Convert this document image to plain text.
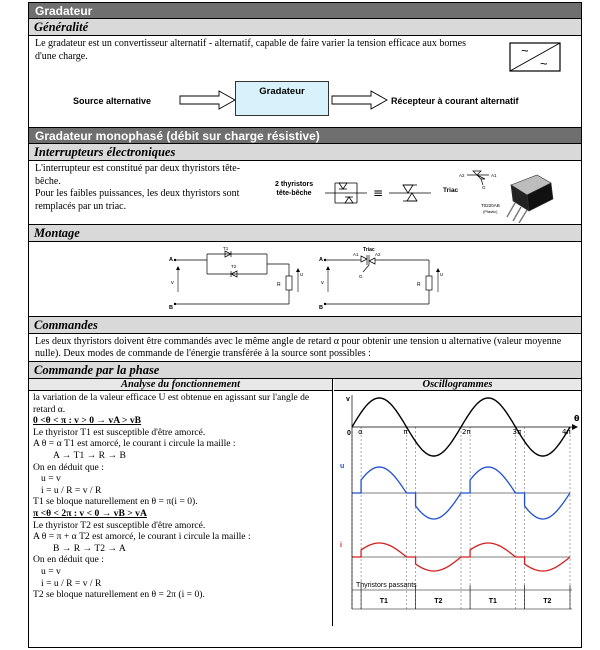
Gradateur
Généralité
Le gradateur est un convertisseur alternatif - alternatif, capable de faire varier la tension efficace aux bornes d'une charge.	~
~
Source alternative
Gradateur
Récepteur à courant alternatif
Gradateur monophasé (débit sur charge résistive)
Interrupteurs électroniques
L'interrupteur est constitué par deux thyristors tête-bêche.
Pour les faibles puissances, les deux thyristors sont remplacés par un triac.
2 thyristors
tête-bêche	≡	Triac
A2	A1
G
T0220AB
(Plastic)
Montage
A
B
v
T1
T2
R
u
Triac
A
B
v
A1	A2
G
R
u
Commandes
Les deux thyristors doivent être commandés avec le même angle de retard α pour obtenir une tension u alternative (valeur moyenne nulle). Deux modes de commande de l'énergie transférée à la source sont possibles :
Commande par la phase
Analyse du fonctionnement
la variation de la valeur efficace U est obtenue en agissant sur l'angle de retard α.
0 <θ < π : v > 0 → vA > vB
Le thyristor T1 est susceptible d'être amorcé.
A θ = α T1 est amorcé, le courant i circule la maille :
A → T1 → R → B
On en déduit que :
u = v
i = u / R = v / R
T1 se bloque naturellement en θ = π(i = 0).
π <θ < 2π : v < 0 → vB > vA
Le thyristor T2 est susceptible d'être amorcé.
A θ = π + α T2 est amorcé, le courant i circule la maille :
B → R → T2 → A
On en déduit que :
u = v
i = u / R = v / R
T2 se bloque naturellement en θ = 2π (i = 0).
Oscillogrammes
v
θ
0 α	π	2π	3π	4π
u
i
Thyristors passants
T1	T2	T1	T2
